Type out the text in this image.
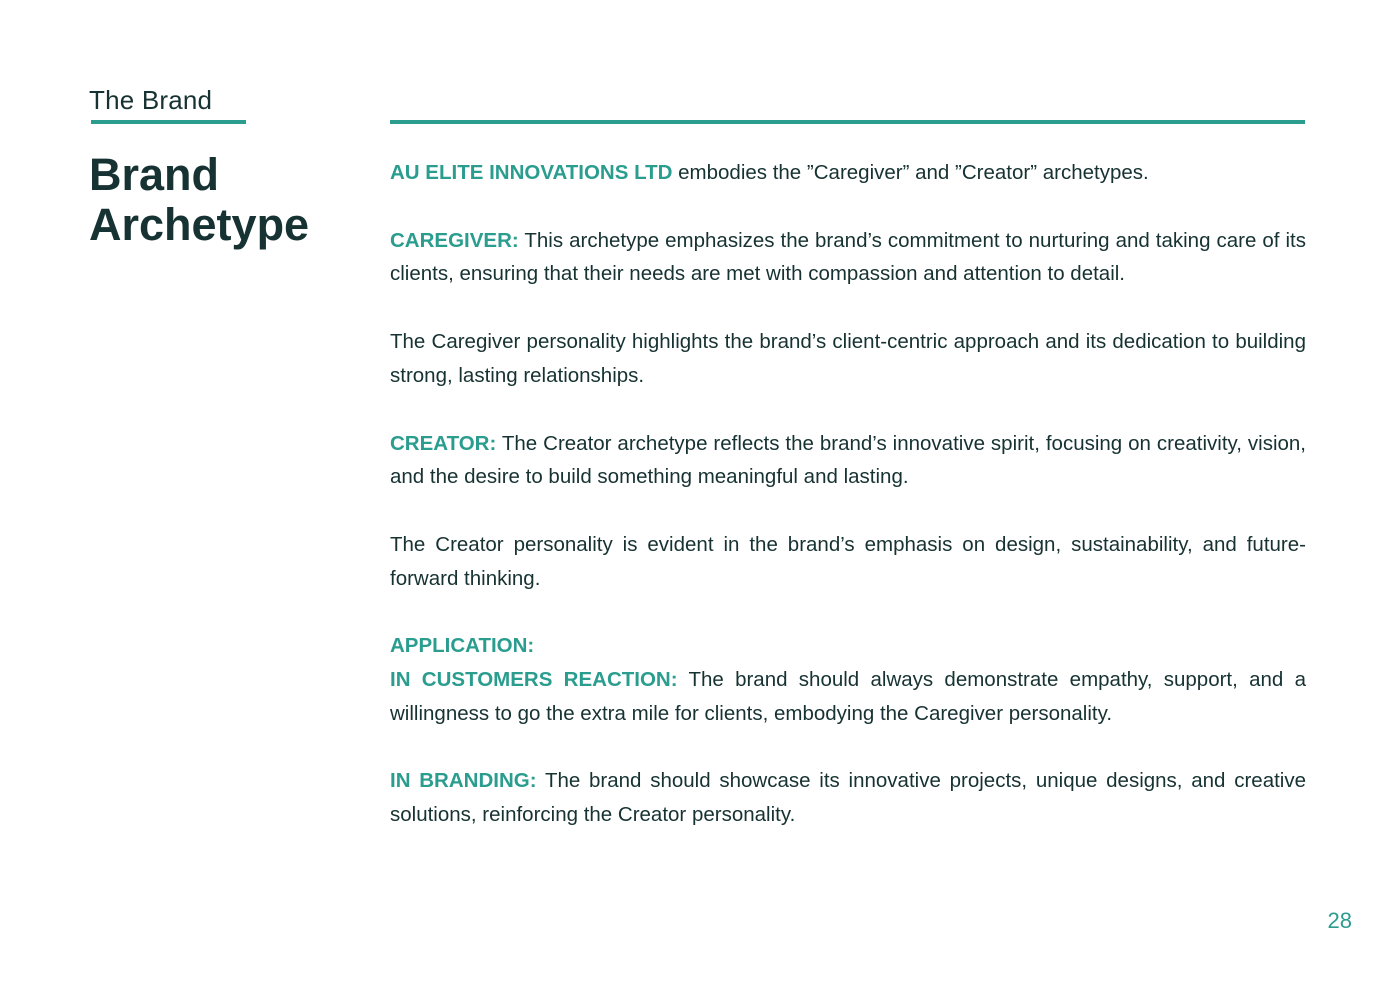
The Brand
Brand Archetype

AU ELITE INNOVATIONS LTD embodies the ”Caregiver” and ”Creator” archetypes.

CAREGIVER: This archetype emphasizes the brand’s commitment to nurturing and taking care of its clients, ensuring that their needs are met with compassion and attention to detail.

The Caregiver personality highlights the brand’s client-centric approach and its dedication to building strong, lasting relationships.

CREATOR: The Creator archetype reflects the brand’s innovative spirit, focusing on creativity, vision, and the desire to build something meaningful and lasting.

The Creator personality is evident in the brand’s emphasis on design, sustainability, and future-forward thinking.

APPLICATION:

IN CUSTOMERS REACTION: The brand should always demonstrate empathy, support, and a willingness to go the extra mile for clients, embodying the Caregiver personality.

IN BRANDING: The brand should showcase its innovative projects, unique designs, and creative solutions, reinforcing the Creator personality.

28
